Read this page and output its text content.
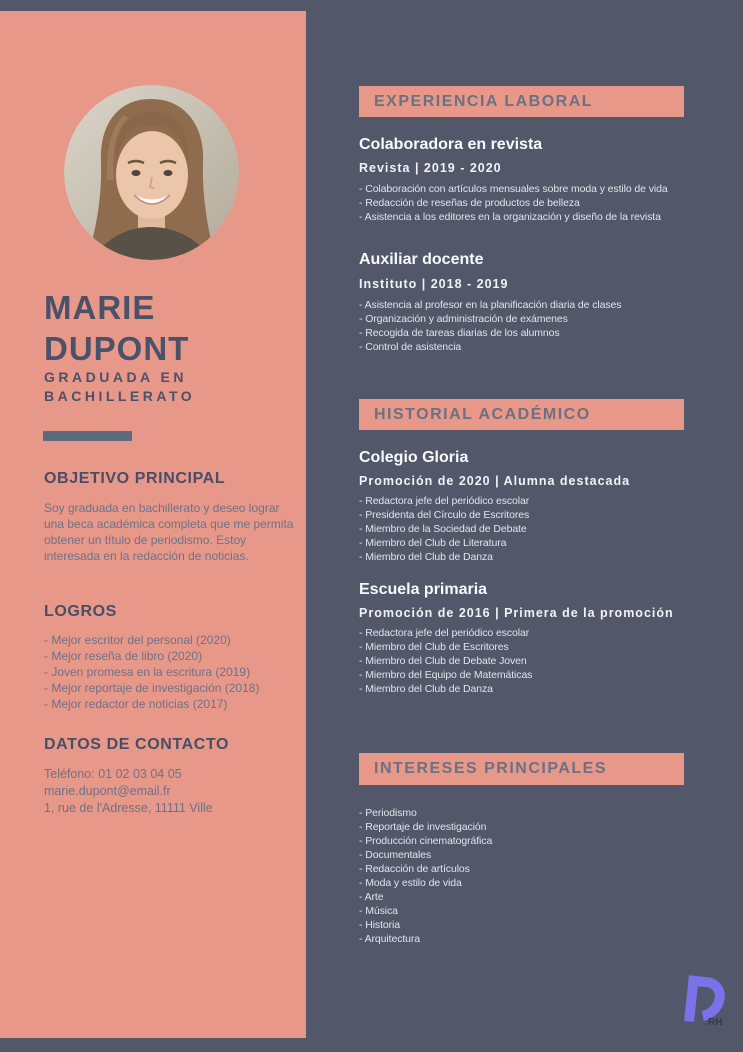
MARIE
DUPONT
GRADUADA EN
BACHILLERATO
OBJETIVO PRINCIPAL

Soy graduada en bachillerato y deseo lograr una beca académica completa que me permita obtener un título de periodismo. Estoy interesada en la redacción de noticias.

LOGROS
- Mejor escritor del personal (2020)
- Mejor reseña de libro (2020)
- Joven promesa en la escritura (2019)
- Mejor reportaje de investigación (2018)
- Mejor redactor de noticias (2017)
DATOS DE CONTACTO
Teléfono: 01 02 03 04 05
marie.dupont@email.fr
1, rue de l'Adresse, 11111 Ville
EXPERIENCIA LABORAL
Colaboradora en revista
Revista | 2019 - 2020
- Colaboración con artículos mensuales sobre moda y estilo de vida
- Redacción de reseñas de productos de belleza
- Asistencia a los editores en la organización y diseño de la revista
Auxiliar docente
Instituto | 2018 - 2019
- Asistencia al profesor en la planificación diaria de clases
- Organización y administración de exámenes
- Recogida de tareas diarias de los alumnos
- Control de asistencia
HISTORIAL ACADÉMICO
Colegio Gloria
Promoción de 2020 | Alumna destacada
- Redactora jefe del periódico escolar
- Presidenta del Círculo de Escritores
- Miembro de la Sociedad de Debate
- Miembro del Club de Literatura
- Miembro del Club de Danza
Escuela primaria
Promoción de 2016 | Primera de la promoción
- Redactora jefe del periódico escolar
- Miembro del Club de Escritores
- Miembro del Club de Debate Joven
- Miembro del Equipo de Matemáticas
- Miembro del Club de Danza
INTERESES PRINCIPALES
- Periodismo
- Reportaje de investigación
- Producción cinematográfica
- Documentales
- Redacción de artículos
- Moda y estilo de vida
- Arte
- Música
- Historia
- Arquitectura
RH
